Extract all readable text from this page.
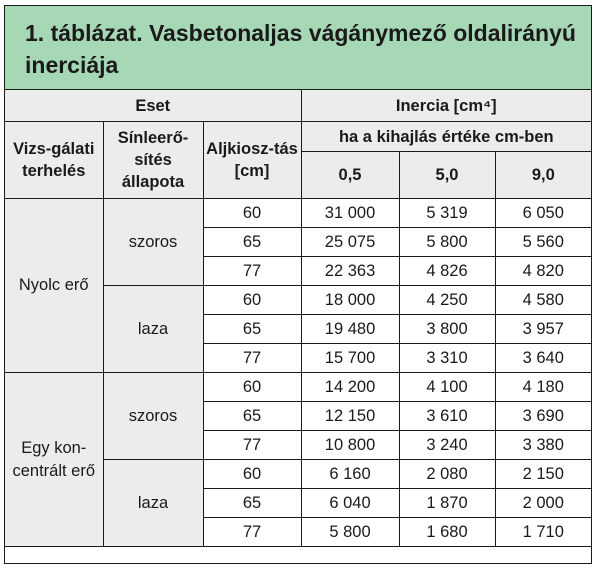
1. táblázat. Vasbetonaljas vágánymező oldalirányú inerciája
Eset			Inercia [cm⁴]		
Vizs-gálati terhelés	Sínleerő-sítés állapota	Aljkiosz-tás [cm]	ha a kihajlás értéke cm-ben		
			0,5	5,0	9,0
Nyolc erő	szoros	60	31 000	5 319	6 050
		65	25 075	5 800	5 560
		77	22 363	4 826	4 820
	laza	60	18 000	4 250	4 580
		65	19 480	3 800	3 957
		77	15 700	3 310	3 640
Egy kon-centrált erő	szoros	60	14 200	4 100	4 180
		65	12 150	3 610	3 690
		77	10 800	3 240	3 380
	laza	60	6 160	2 080	2 150
		65	6 040	1 870	2 000
		77	5 800	1 680	1 710
